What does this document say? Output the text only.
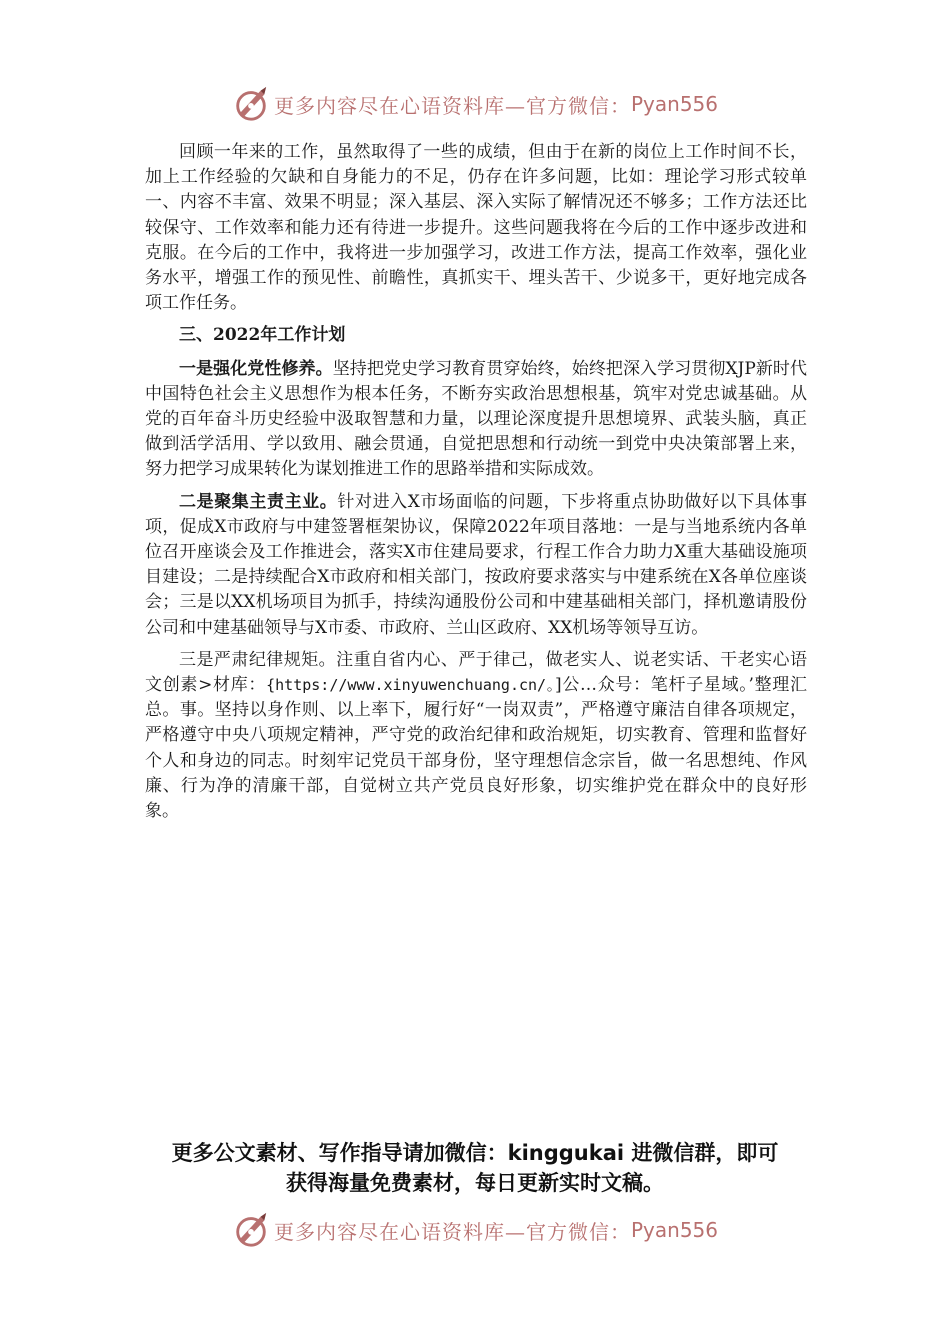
更多内容尽在心语资料库—官方微信： Pyan556

回顾一年来的工作，虽然取得了一些的成绩，但由于在新的岗位上工作时间不长，加上工作经验的欠缺和自身能力的不足，仍存在许多问题，比如：理论学习形式较单一、内容不丰富、效果不明显；深入基层、深入实际了解情况还不够多；工作方法还比较保守、工作效率和能力还有待进一步提升。这些问题我将在今后的工作中逐步改进和克服。在今后的工作中，我将进一步加强学习，改进工作方法，提高工作效率，强化业务水平，增强工作的预见性、前瞻性，真抓实干、埋头苦干、少说多干，更好地完成各项工作任务。

三、2022年工作计划

一是强化党性修养。坚持把党史学习教育贯穿始终，始终把深入学习贯彻XJP新时代中国特色社会主义思想作为根本任务，不断夯实政治思想根基，筑牢对党忠诚基础。从党的百年奋斗历史经验中汲取智慧和力量，以理论深度提升思想境界、武装头脑，真正做到活学活用、学以致用、融会贯通，自觉把思想和行动统一到党中央决策部署上来，努力把学习成果转化为谋划推进工作的思路举措和实际成效。

二是聚集主责主业。针对进入X市场面临的问题，下步将重点协助做好以下具体事项，促成X市政府与中建签署框架协议，保障2022年项目落地：一是与当地系统内各单位召开座谈会及工作推进会，落实X市住建局要求，行程工作合力助力X重大基础设施项目建设；二是持续配合X市政府和相关部门，按政府要求落实与中建系统在X各单位座谈会；三是以XX机场项目为抓手，持续沟通股份公司和中建基础相关部门，择机邀请股份公司和中建基础领导与X市委、市政府、兰山区政府、XX机场等领导互访。

三是严肃纪律规矩。注重自省内心、严于律己，做老实人、说老实话、干老实心语文创素>材库：{https://www.xinyuwenchuang.cn/。]公…众号：笔杆子星域。’整理汇总。事。坚持以身作则、以上率下，履行好“一岗双责”，严格遵守廉洁自律各项规定，严格遵守中央八项规定精神，严守党的政治纪律和政治规矩，切实教育、管理和监督好个人和身边的同志。时刻牢记党员干部身份，坚守理想信念宗旨，做一名思想纯、作风廉、行为净的清廉干部，自觉树立共产党员良好形象，切实维护党在群众中的良好形象。

更多公文素材、写作指导请加微信：kinggukai 进微信群，即可
获得海量免费素材，每日更新实时文稿。
更多内容尽在心语资料库—官方微信： Pyan556
